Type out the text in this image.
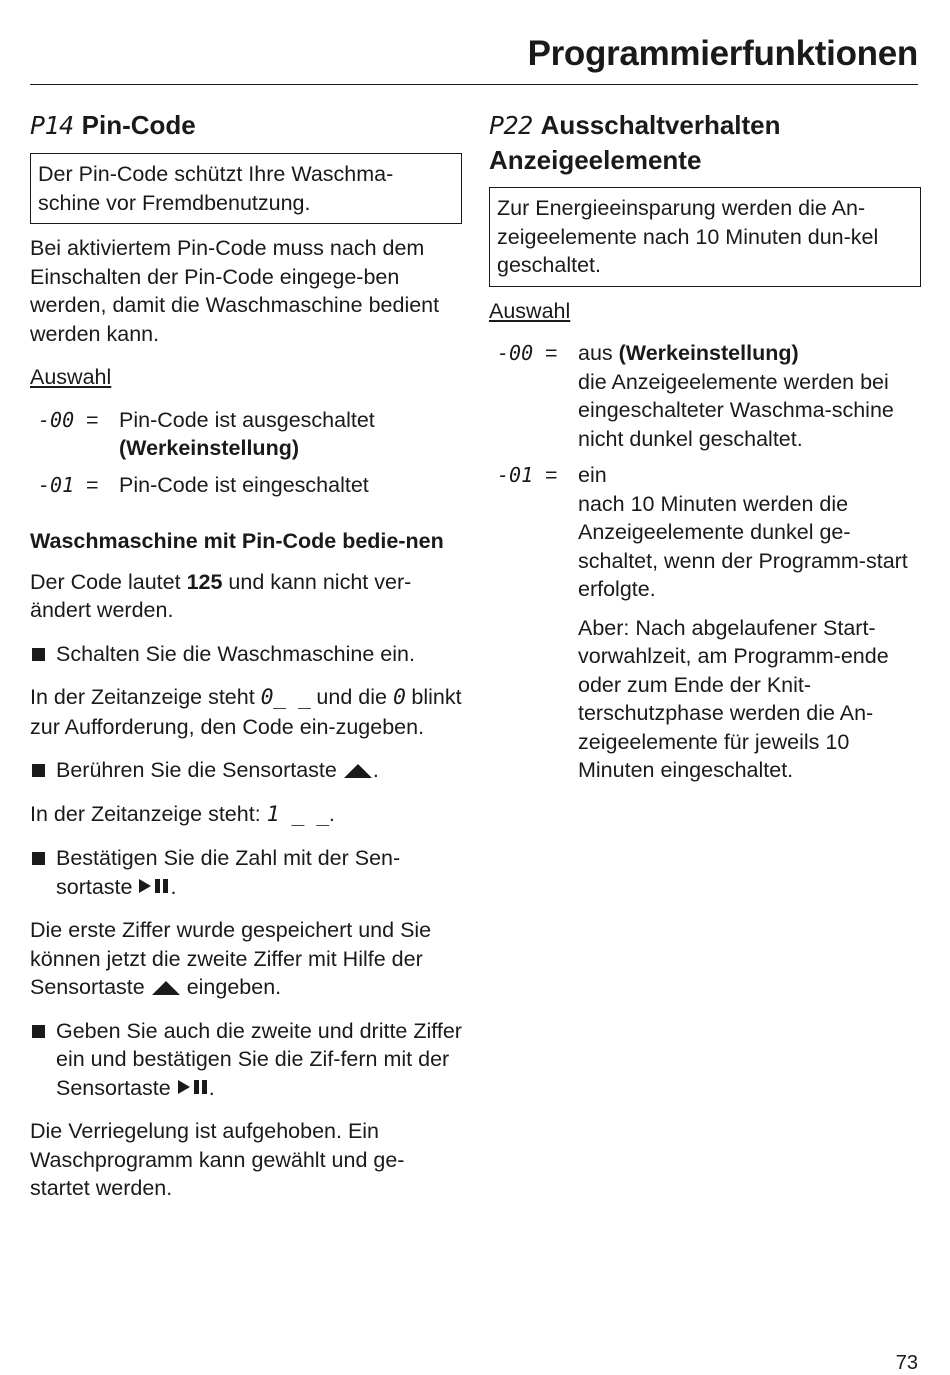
Programmierfunktionen
P14 Pin-Code
Der Pin-Code schützt Ihre Waschma-schine vor Fremdbenutzung.

Bei aktiviertem Pin-Code muss nach dem Einschalten der Pin-Code eingege-ben werden, damit die Waschmaschine bedient werden kann.

Auswahl

-00 = Pin-Code ist ausgeschaltet
(Werkeinstellung)
-01 = Pin-Code ist eingeschaltet
Waschmaschine mit Pin-Code bedie-nen

Der Code lautet 125 und kann nicht ver-ändert werden.

Schalten Sie die Waschmaschine ein.

In der Zeitanzeige steht 0_ _ und die 0 blinkt zur Aufforderung, den Code ein-zugeben.

Berühren Sie die Sensortaste .

In der Zeitanzeige steht: 1 _ _.

Bestätigen Sie die Zahl mit der Sen-sortaste .

Die erste Ziffer wurde gespeichert und Sie können jetzt die zweite Ziffer mit Hilfe der Sensortaste  eingeben.

Geben Sie auch die zweite und dritte Ziffer ein und bestätigen Sie die Zif-fern mit der Sensortaste .

Die Verriegelung ist aufgehoben. Ein Waschprogramm kann gewählt und ge-startet werden.

P22 Ausschaltverhalten
Anzeigeelemente
Zur Energieeinsparung werden die An-zeigeelemente nach 10 Minuten dun-kel geschaltet.

Auswahl

-00 = aus (Werkeinstellung)
die Anzeigeelemente werden bei eingeschalteter Waschma-schine nicht dunkel geschaltet.
-01 = ein

nach 10 Minuten werden die Anzeigeelemente dunkel ge-schaltet, wenn der Programm-start erfolgte.

Aber: Nach abgelaufener Start-vorwahlzeit, am Programm-ende oder zum Ende der Knit-terschutzphase werden die An-zeigeelemente für jeweils 10 Minuten eingeschaltet.

73
